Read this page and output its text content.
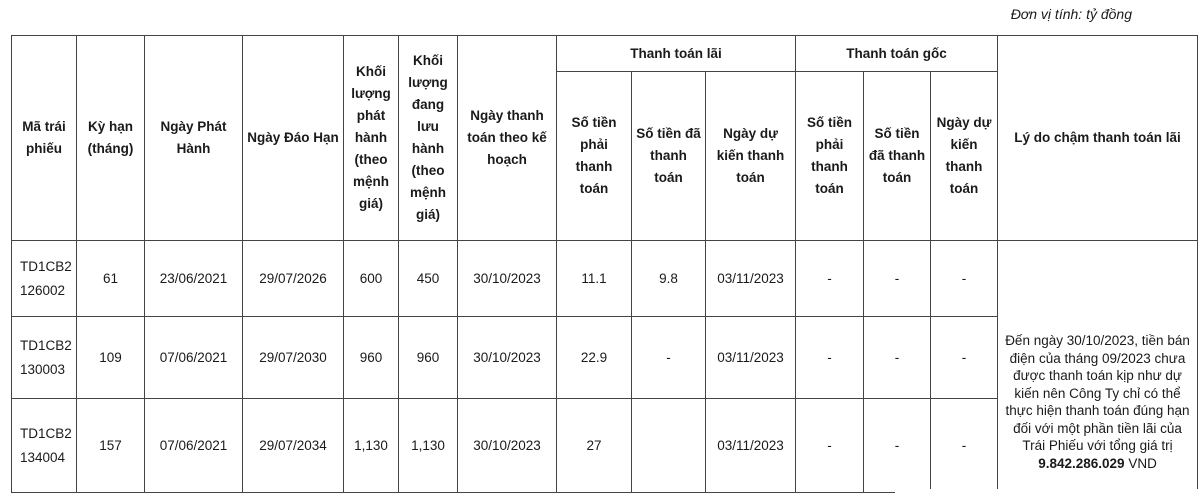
Đơn vị tính: tỷ đồng
Mã trái phiếu	Kỳ hạn (tháng)	Ngày Phát Hành	Ngày Đáo Hạn	Khối lượng phát hành (theo mệnh giá)	Khối lượng đang lưu hành (theo mệnh giá)	Ngày thanh toán theo kế hoạch	Thanh toán lãi			Thanh toán gốc			Lý do chậm thanh toán lãi
							Số tiền phải thanh toán	Số tiền đã thanh toán	Ngày dự kiến thanh toán	Số tiền phải thanh toán	Số tiền đã thanh toán	Ngày dự kiến thanh toán	
TD1CB2 126002	61	23/06/2021	29/07/2026	600	450	30/10/2023	11.1	9.8	03/11/2023	-	-	-	Đến ngày 30/10/2023, tiền bán điện của tháng 09/2023 chưa được thanh toán kịp như dự kiến nên Công Ty chỉ có thể thực hiện thanh toán đúng hạn đối với một phần tiền lãi của Trái Phiếu với tổng giá trị 9.842.286.029 VND
TD1CB2 130003	109	07/06/2021	29/07/2030	960	960	30/10/2023	22.9	-	03/11/2023	-	-	-	
TD1CB2 134004	157	07/06/2021	29/07/2034	1,130	1,130	30/10/2023	27		03/11/2023	-	-	-	
